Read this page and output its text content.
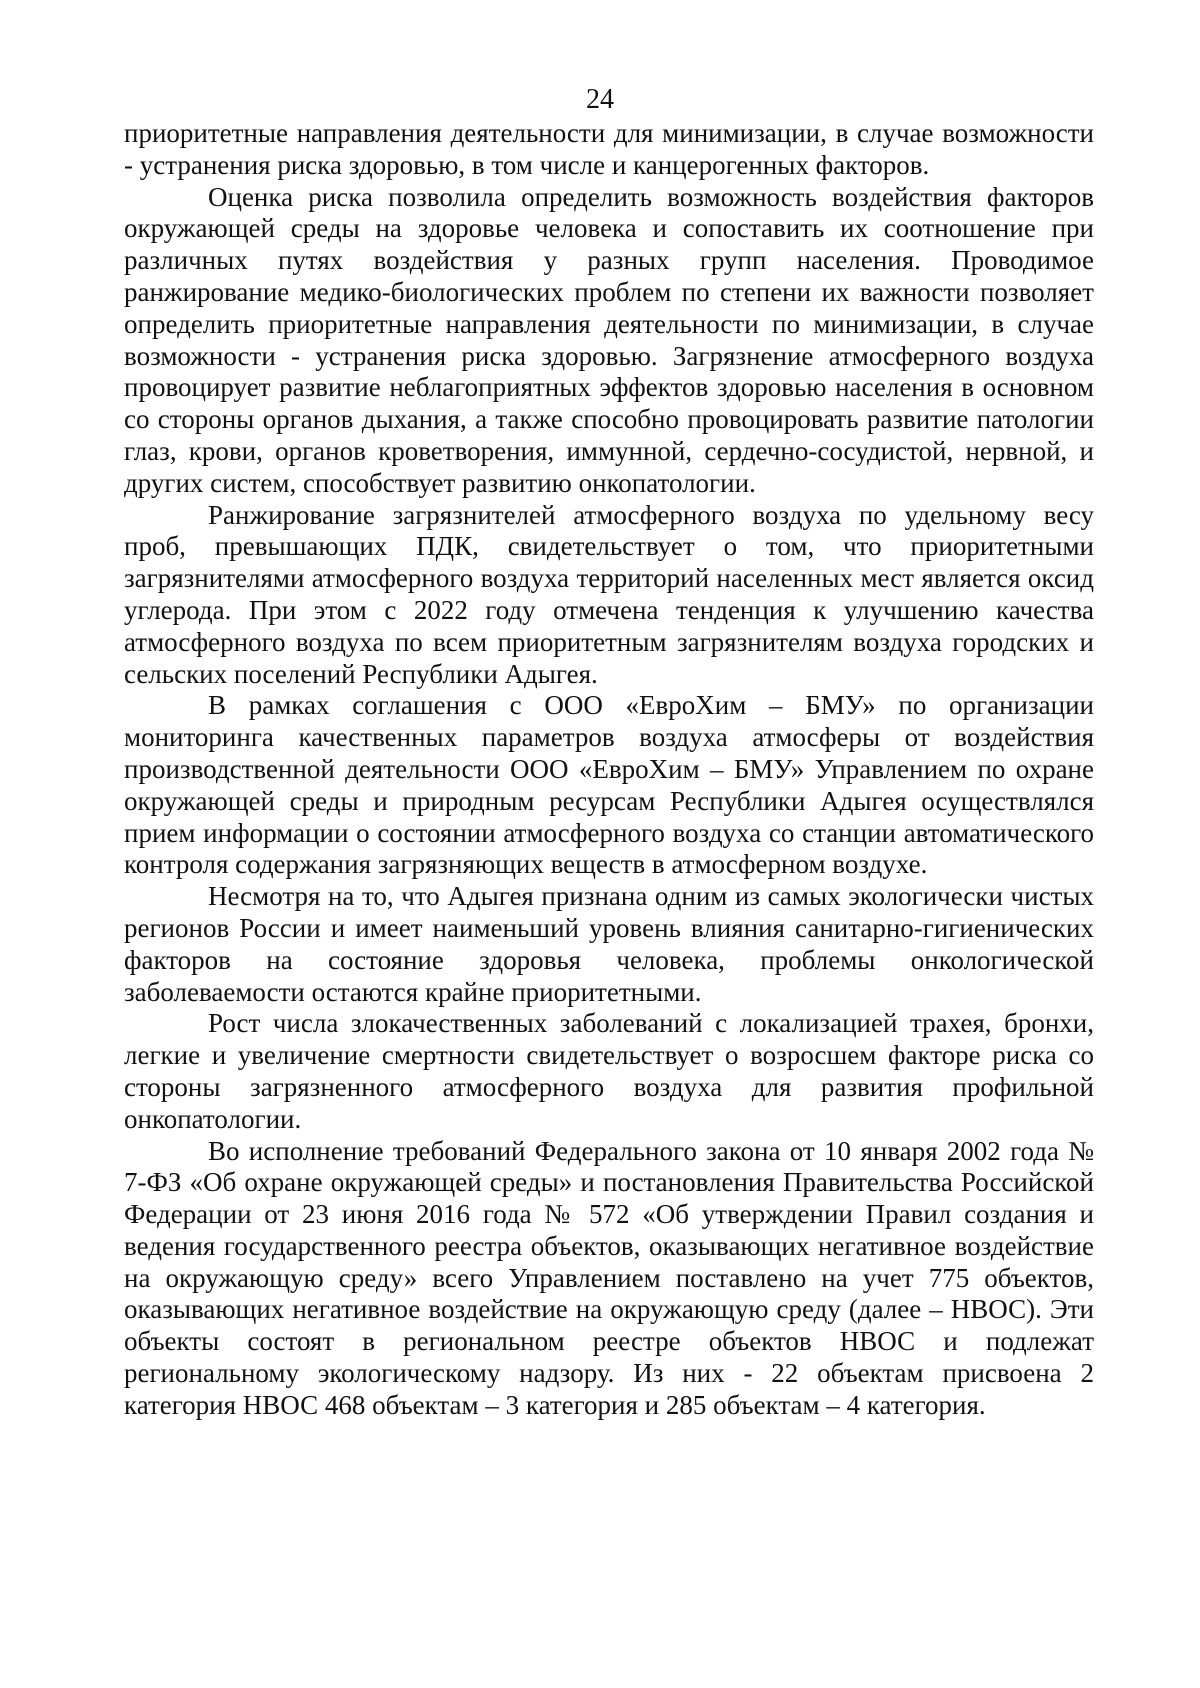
24

приоритетные направления деятельности для минимизации, в случае возможности - устранения риска здоровью, в том числе и канцерогенных факторов.

Оценка риска позволила определить возможность воздействия факторов окружающей среды на здоровье человека и сопоставить их соотношение при различных путях воздействия у разных групп населения. Проводимое ранжирование медико-биологических проблем по степени их важности позволяет определить приоритетные направления деятельности по минимизации, в случае возможности - устранения риска здоровью. Загрязнение атмосферного воздуха провоцирует развитие неблагоприятных эффектов здоровью населения в основном со стороны органов дыхания, а также способно провоцировать развитие патологии глаз, крови, органов кроветворения, иммунной, сердечно-сосудистой, нервной, и других систем, способствует развитию онкопатологии.

Ранжирование загрязнителей атмосферного воздуха по удельному весу проб, превышающих ПДК, свидетельствует о том, что приоритетными загрязнителями атмосферного воздуха территорий населенных мест является оксид углерода. При этом с 2022 году отмечена тенденция к улучшению качества атмосферного воздуха по всем приоритетным загрязнителям воздуха городских и сельских поселений Республики Адыгея.

В рамках соглашения с ООО «ЕвроХим – БМУ» по организации мониторинга качественных параметров воздуха атмосферы от воздействия производственной деятельности ООО «ЕвроХим – БМУ» Управлением по охране окружающей среды и природным ресурсам Республики Адыгея осуществлялся прием информации о состоянии атмосферного воздуха со станции автоматического контроля содержания загрязняющих веществ в атмосферном воздухе.

Несмотря на то, что Адыгея признана одним из самых экологически чистых регионов России и имеет наименьший уровень влияния санитарно-гигиенических факторов на состояние здоровья человека, проблемы онкологической заболеваемости остаются крайне приоритетными.

Рост числа злокачественных заболеваний с локализацией трахея, бронхи, легкие и увеличение смертности свидетельствует о возросшем факторе риска со стороны загрязненного атмосферного воздуха для развития профильной онкопатологии.

Во исполнение требований Федерального закона от 10 января 2002 года № 7-ФЗ «Об охране окружающей среды» и постановления Правительства Российской Федерации от 23 июня 2016 года № 572 «Об утверждении Правил создания и ведения государственного реестра объектов, оказывающих негативное воздействие на окружающую среду» всего Управлением поставлено на учет 775 объектов, оказывающих негативное воздействие на окружающую среду (далее – НВОС). Эти объекты состоят в региональном реестре объектов НВОС и подлежат региональному экологическому надзору. Из них - 22 объектам присвоена 2 категория НВОС 468 объектам – 3 категория и 285 объектам – 4 категория.
